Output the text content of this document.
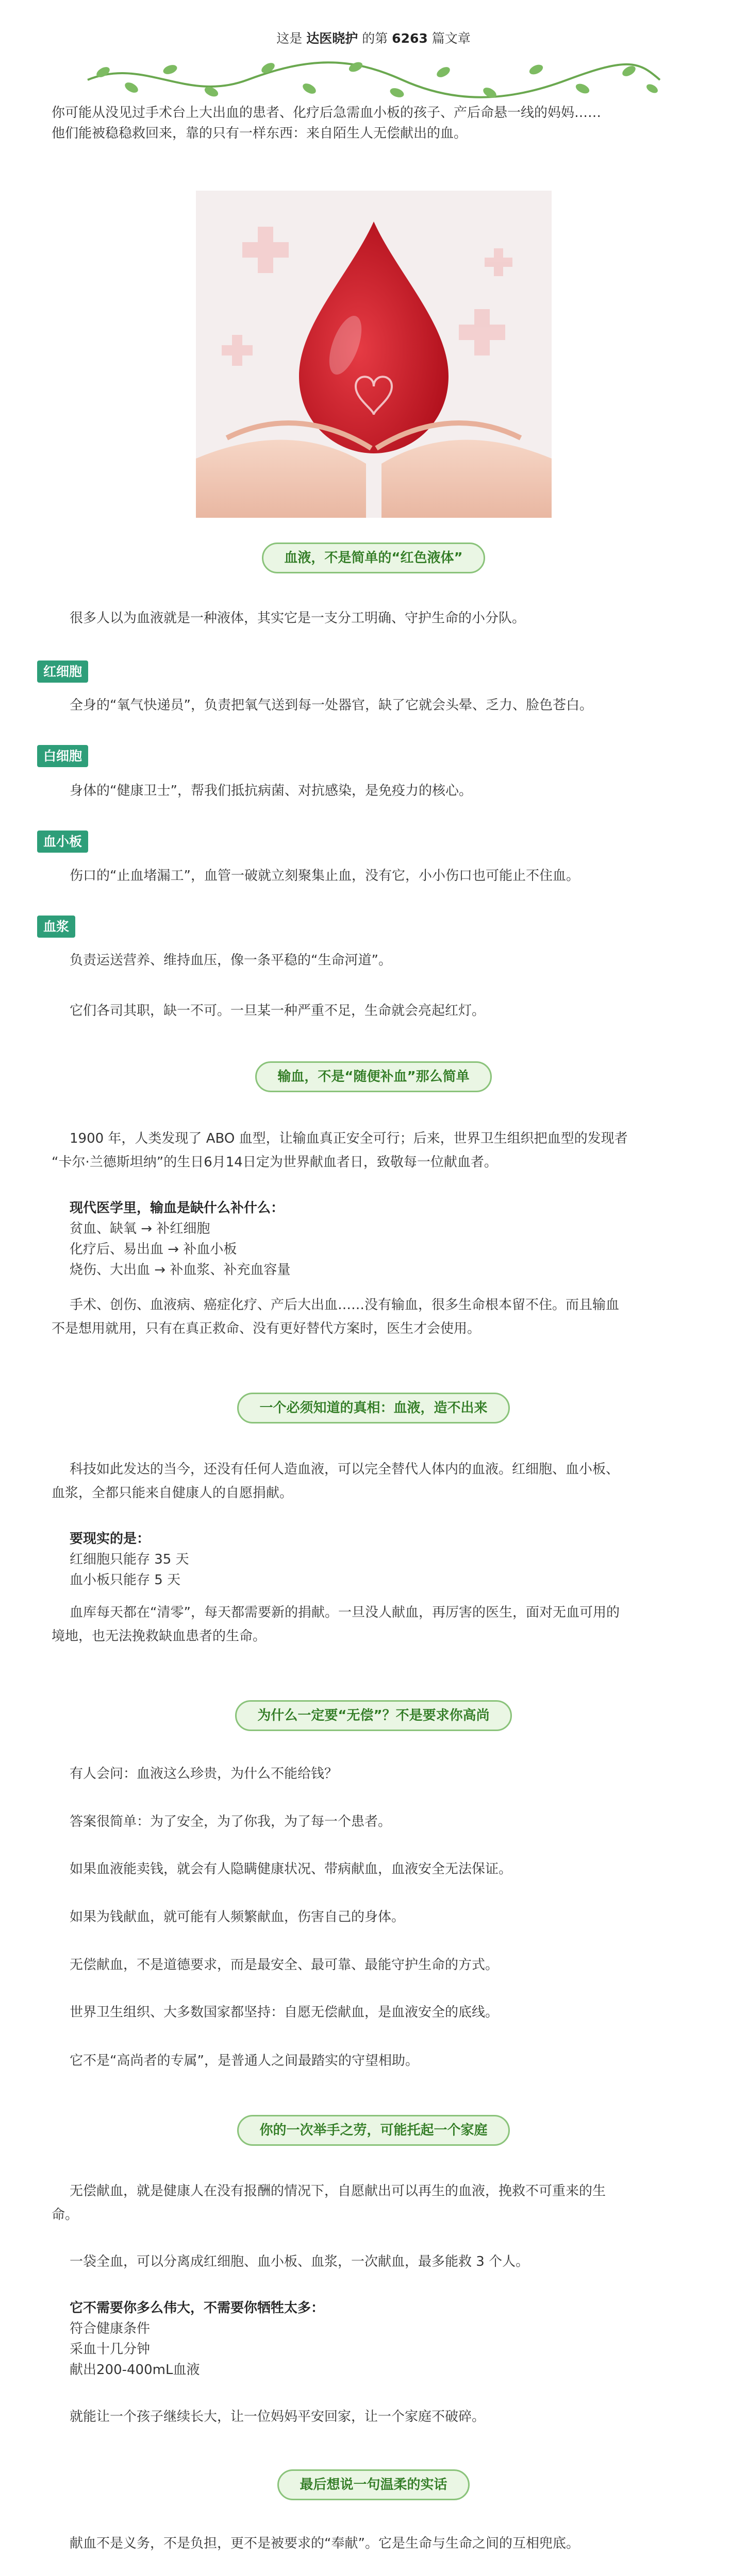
这是 达医晓护 的第 6263 篇文章
你可能从没见过手术台上大出血的患者、化疗后急需血小板的孩子、产后命悬一线的妈妈……
他们能被稳稳救回来，靠的只有一样东西：来自陌生人无偿献出的血。
血液，不是简单的“红色液体”
很多人以为血液就是一种液体，其实它是一支分工明确、守护生命的小分队。
红细胞
全身的“氧气快递员”，负责把氧气送到每一处器官，缺了它就会头晕、乏力、脸色苍白。
白细胞
身体的“健康卫士”，帮我们抵抗病菌、对抗感染，是免疫力的核心。
血小板
伤口的“止血堵漏工”，血管一破就立刻聚集止血，没有它，小小伤口也可能止不住血。
血浆
负责运送营养、维持血压，像一条平稳的“生命河道”。
它们各司其职，缺一不可。一旦某一种严重不足，生命就会亮起红灯。
输血，不是“随便补血”那么简单
1900 年，人类发现了 ABO 血型，让输血真正安全可行；后来，世界卫生组织把血型的发现者
“卡尔·兰德斯坦纳”的生日6月14日定为世界献血者日，致敬每一位献血者。
现代医学里，输血是缺什么补什么：
贫血、缺氧 → 补红细胞
化疗后、易出血 → 补血小板
烧伤、大出血 → 补血浆、补充血容量
手术、创伤、血液病、癌症化疗、产后大出血……没有输血，很多生命根本留不住。而且输血
不是想用就用，只有在真正救命、没有更好替代方案时，医生才会使用。
一个必须知道的真相：血液，造不出来
科技如此发达的当今，还没有任何人造血液，可以完全替代人体内的血液。红细胞、血小板、
血浆，全都只能来自健康人的自愿捐献。
要现实的是：
红细胞只能存 35 天
血小板只能存 5 天
血库每天都在“清零”，每天都需要新的捐献。一旦没人献血，再厉害的医生，面对无血可用的
境地，也无法挽救缺血患者的生命。
为什么一定要“无偿”？不是要求你高尚
有人会问：血液这么珍贵，为什么不能给钱？
答案很简单：为了安全，为了你我，为了每一个患者。
如果血液能卖钱，就会有人隐瞒健康状况、带病献血，血液安全无法保证。
如果为钱献血，就可能有人频繁献血，伤害自己的身体。
无偿献血，不是道德要求，而是最安全、最可靠、最能守护生命的方式。
世界卫生组织、大多数国家都坚持：自愿无偿献血，是血液安全的底线。
它不是“高尚者的专属”，是普通人之间最踏实的守望相助。
你的一次举手之劳，可能托起一个家庭
无偿献血，就是健康人在没有报酬的情况下，自愿献出可以再生的血液，挽救不可重来的生
命。
一袋全血，可以分离成红细胞、血小板、血浆，一次献血，最多能救 3 个人。
它不需要你多么伟大，不需要你牺牲太多：
符合健康条件
采血十几分钟
献出200-400mL血液
就能让一个孩子继续长大，让一位妈妈平安回家，让一个家庭不破碎。
最后想说一句温柔的实话
献血不是义务，不是负担，更不是被要求的“奉献”。它是生命与生命之间的互相兜底。
